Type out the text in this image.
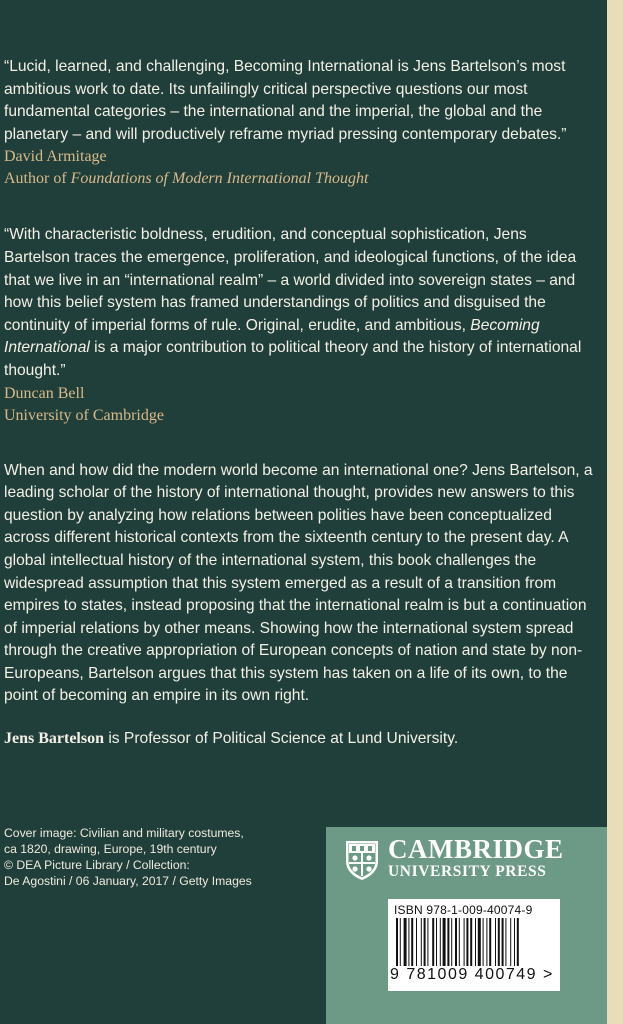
“Lucid, learned, and challenging, Becoming International is Jens Bartelson’s most ambitious work to date. Its unfailingly critical perspective questions our most fundamental categories – the international and the imperial, the global and the planetary – and will productively reframe myriad pressing contemporary debates.”

David Armitage

Author of Foundations of Modern International Thought

“With characteristic boldness, erudition, and conceptual sophistication, Jens Bartelson traces the emergence, proliferation, and ideological functions, of the idea that we live in an “international realm” – a world divided into sovereign states – and how this belief system has framed understandings of politics and disguised the continuity of imperial forms of rule. Original, erudite, and ambitious, Becoming International is a major contribution to political theory and the history of international thought.”

Duncan Bell

University of Cambridge

When and how did the modern world become an international one? Jens Bartelson, a leading scholar of the history of international thought, provides new answers to this question by analyzing how relations between polities have been conceptualized across different historical contexts from the sixteenth century to the present day. A global intellectual history of the international system, this book challenges the widespread assumption that this system emerged as a result of a transition from empires to states, instead proposing that the international realm is but a continuation of imperial relations by other means. Showing how the international system spread through the creative appropriation of European concepts of nation and state by non-Europeans, Bartelson argues that this system has taken on a life of its own, to the point of becoming an empire in its own right.

Jens Bartelson is Professor of Political Science at Lund University.

Cover image: Civilian and military costumes,
ca 1820, drawing, Europe, 19th century
© DEA Picture Library / Collection:
De Agostini / 06 January, 2017 / Getty Images
CAMBRIDGE
UNIVERSITY PRESS
ISBN 978-1-009-40074-9
9 781009 400749 >
